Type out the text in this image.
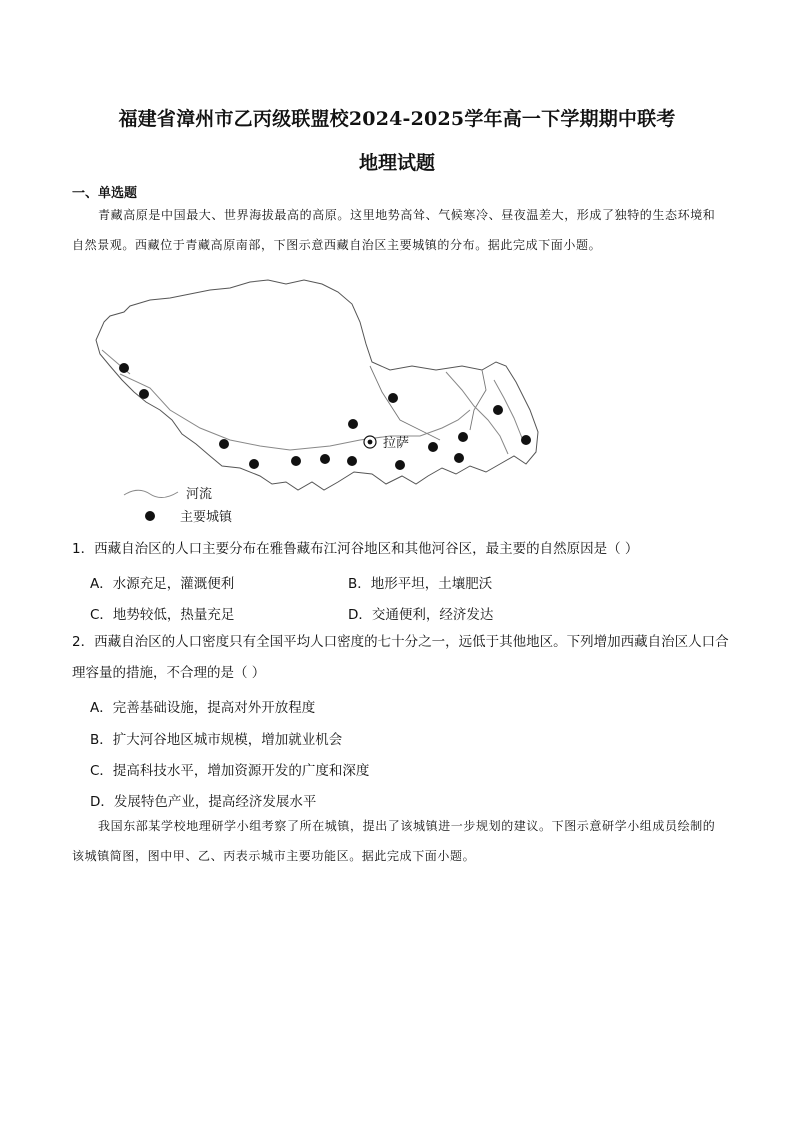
福建省漳州市乙丙级联盟校2024-2025学年高一下学期期中联考
地理试题
一、单选题
青藏高原是中国最大、世界海拔最高的高原。这里地势高耸、气候寒冷、昼夜温差大，形成了独特的生态环境和自然景观。西藏位于青藏高原南部，下图示意西藏自治区主要城镇的分布。据此完成下面小题。
拉萨
河流
主要城镇
1．西藏自治区的人口主要分布在雅鲁藏布江河谷地区和其他河谷区，最主要的自然原因是（ ）
A．水源充足，灌溉便利	B．地形平坦，土壤肥沃
C．地势较低，热量充足	D．交通便利，经济发达
2．西藏自治区的人口密度只有全国平均人口密度的七十分之一，远低于其他地区。下列增加西藏自治区人口合理容量的措施，不合理的是（ ）
A．完善基础设施，提高对外开放程度
B．扩大河谷地区城市规模，增加就业机会
C．提高科技水平，增加资源开发的广度和深度
D．发展特色产业，提高经济发展水平
我国东部某学校地理研学小组考察了所在城镇，提出了该城镇进一步规划的建议。下图示意研学小组成员绘制的该城镇简图，图中甲、乙、丙表示城市主要功能区。据此完成下面小题。
